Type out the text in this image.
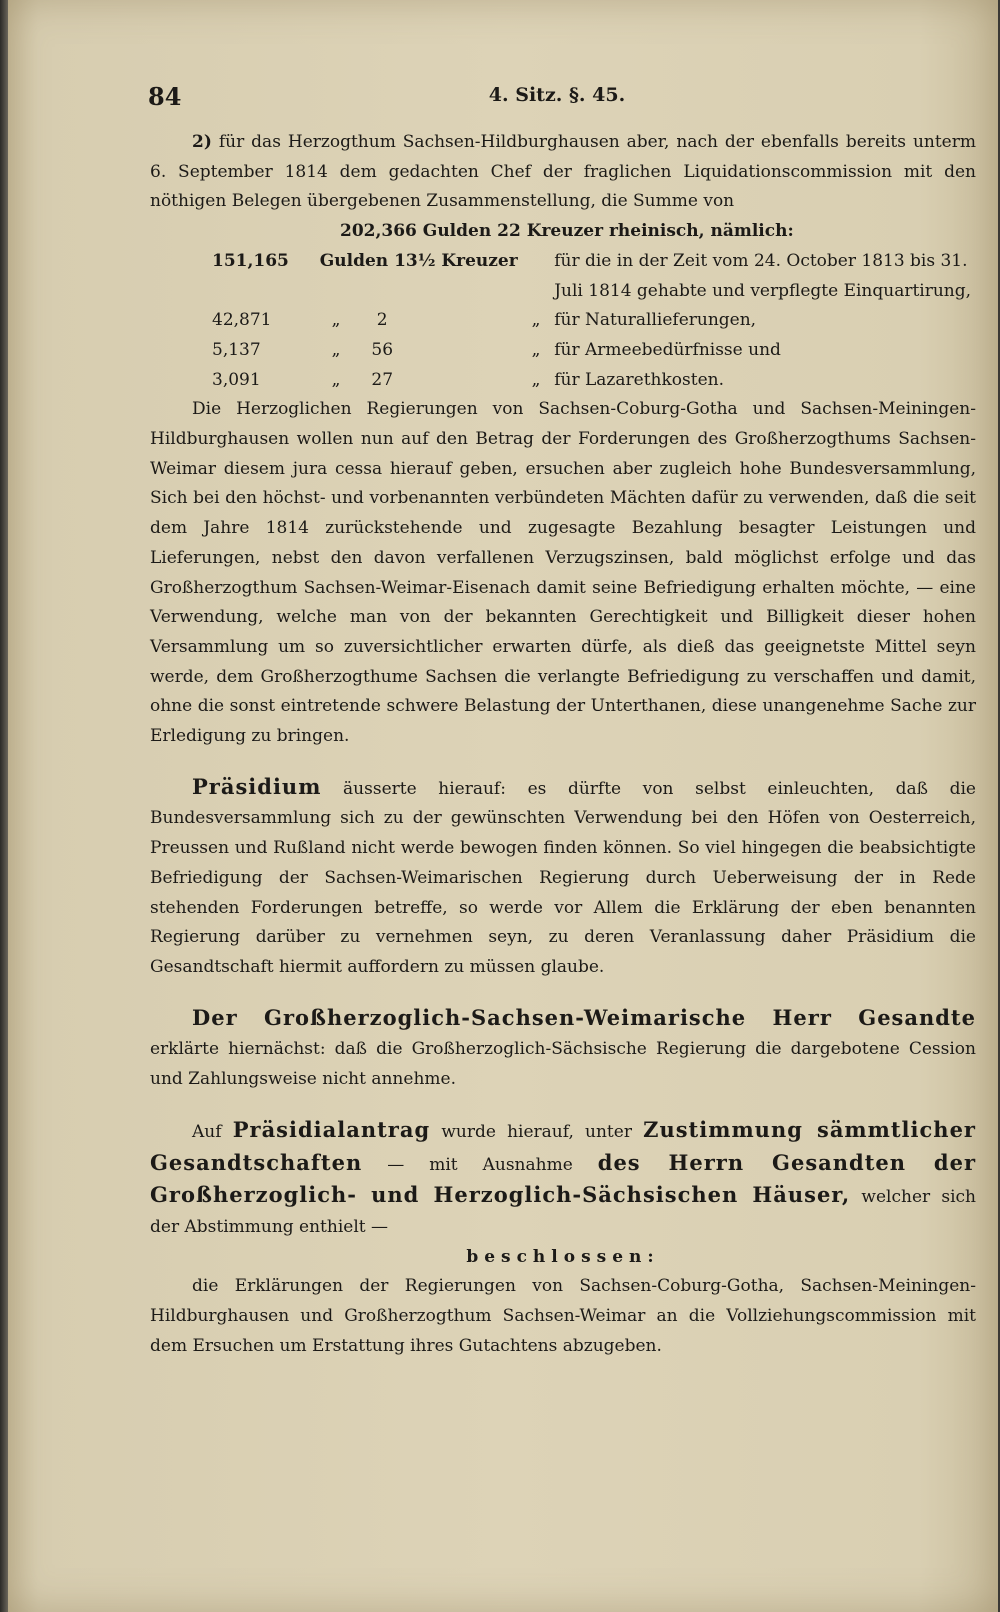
84	4. Sitz. §. 45.

2) für das Herzogthum Sachsen-Hildburghausen aber, nach der ebenfalls bereits unterm 6. September 1814 dem gedachten Chef der fraglichen Liquidationscommission mit den nöthigen Belegen übergebenen Zusammenstellung, die Summe von

202,366 Gulden 22 Kreuzer rheinisch, nämlich:

151,165	Gulden 13½ Kreuzer				für die in der Zeit vom 24. October 1813 bis 31. Juli 1814 gehabte und verpflegte Einquartirung,
42,871	„	2		„	für Naturallieferungen,
5,137	„	56		„	für Armeebedürfnisse und
3,091	„	27		„	für Lazarethkosten.

Die Herzoglichen Regierungen von Sachsen-Coburg-Gotha und Sachsen-Meiningen-Hildburghausen wollen nun auf den Betrag der Forderungen des Großherzogthums Sachsen-Weimar diesem jura cessa hierauf geben, ersuchen aber zugleich hohe Bundesversammlung, Sich bei den höchst- und vorbenannten verbündeten Mächten dafür zu verwenden, daß die seit dem Jahre 1814 zurückstehende und zugesagte Bezahlung besagter Leistungen und Lieferungen, nebst den davon verfallenen Verzugszinsen, bald möglichst erfolge und das Großherzogthum Sachsen-Weimar-Eisenach damit seine Befriedigung erhalten möchte, — eine Verwendung, welche man von der bekannten Gerechtigkeit und Billigkeit dieser hohen Versammlung um so zuversichtlicher erwarten dürfe, als dieß das geeignetste Mittel seyn werde, dem Großherzogthume Sachsen die verlangte Befriedigung zu verschaffen und damit, ohne die sonst eintretende schwere Belastung der Unterthanen, diese unangenehme Sache zur Erledigung zu bringen.

Präsidium äusserte hierauf: es dürfte von selbst einleuchten, daß die Bundesversammlung sich zu der gewünschten Verwendung bei den Höfen von Oesterreich, Preussen und Rußland nicht werde bewogen finden können. So viel hingegen die beabsichtigte Befriedigung der Sachsen-Weimarischen Regierung durch Ueberweisung der in Rede stehenden Forderungen betreffe, so werde vor Allem die Erklärung der eben benannten Regierung darüber zu vernehmen seyn, zu deren Veranlassung daher Präsidium die Gesandtschaft hiermit auffordern zu müssen glaube.

Der Großherzoglich-Sachsen-Weimarische Herr Gesandte erklärte hiernächst: daß die Großherzoglich-Sächsische Regierung die dargebotene Cession und Zahlungsweise nicht annehme.

Auf Präsidialantrag wurde hierauf, unter Zustimmung sämmtlicher Gesandtschaften — mit Ausnahme des Herrn Gesandten der Großherzoglich- und Herzoglich-Sächsischen Häuser, welcher sich der Abstimmung enthielt —

beschlossen:

die Erklärungen der Regierungen von Sachsen-Coburg-Gotha, Sachsen-Meiningen-Hildburghausen und Großherzogthum Sachsen-Weimar an die Vollziehungscommission mit dem Ersuchen um Erstattung ihres Gutachtens abzugeben.
